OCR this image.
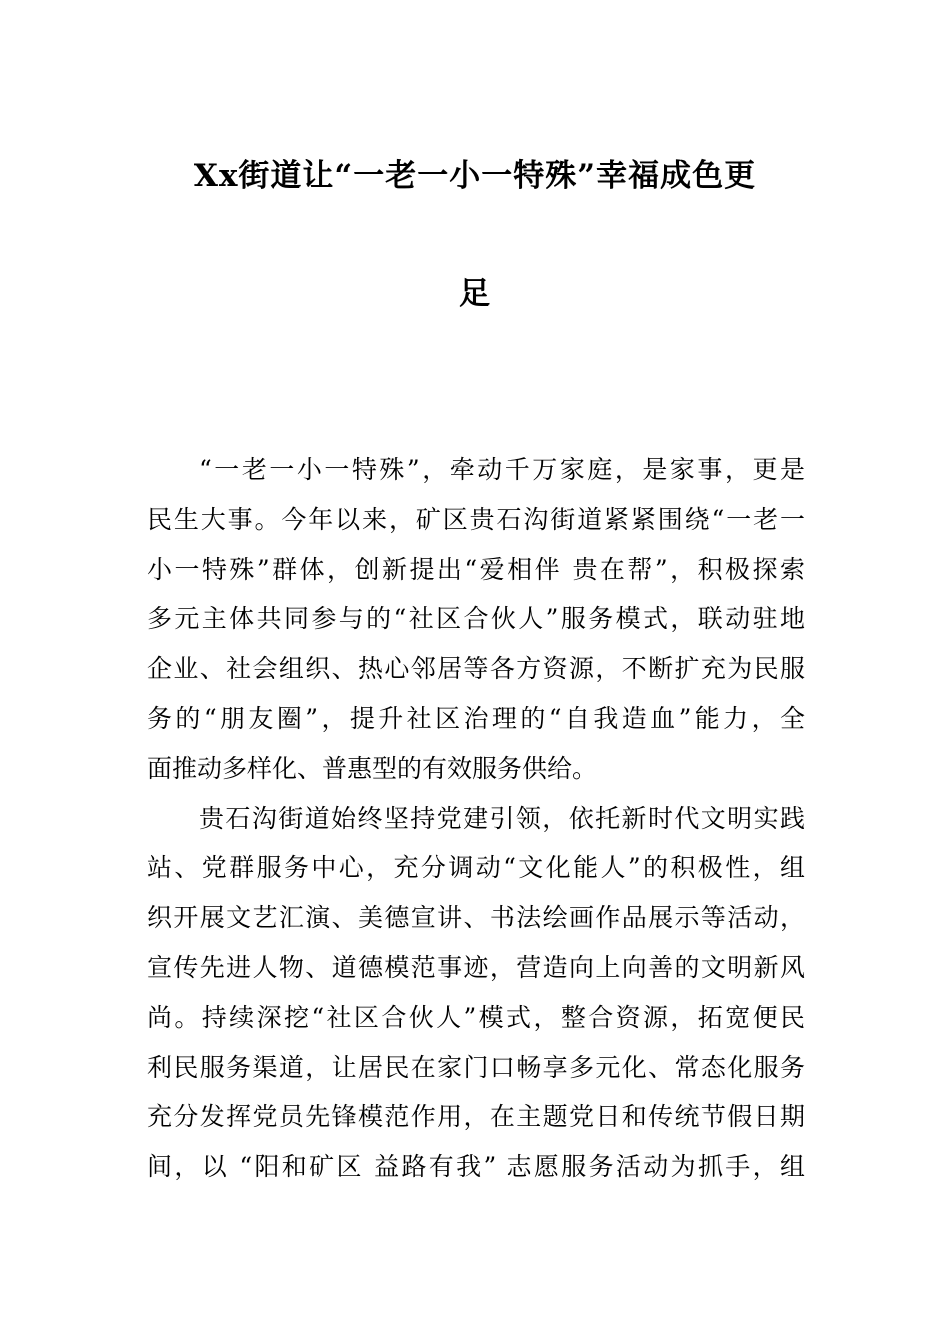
Xx街道让“一老一小一特殊”幸福成色更
足
“一老一小一特殊”，牵动千万家庭，是家事，更是
民生大事。今年以来，矿区贵石沟街道紧紧围绕“一老一
小一特殊”群体，创新提出“爱相伴 贵在帮”，积极探索
多元主体共同参与的“社区合伙人”服务模式，联动驻地
企业、社会组织、热心邻居等各方资源，不断扩充为民服
务的“朋友圈”，提升社区治理的“自我造血”能力，全
面推动多样化、普惠型的有效服务供给。
贵石沟街道始终坚持党建引领，依托新时代文明实践
站、党群服务中心，充分调动“文化能人”的积极性，组
织开展文艺汇演、美德宣讲、书法绘画作品展示等活动，
宣传先进人物、道德模范事迹，营造向上向善的文明新风
尚。持续深挖“社区合伙人”模式，整合资源，拓宽便民
利民服务渠道，让居民在家门口畅享多元化、常态化服务
充分发挥党员先锋模范作用，在主题党日和传统节假日期
间，以 “阳和矿区 益路有我” 志愿服务活动为抓手，组
